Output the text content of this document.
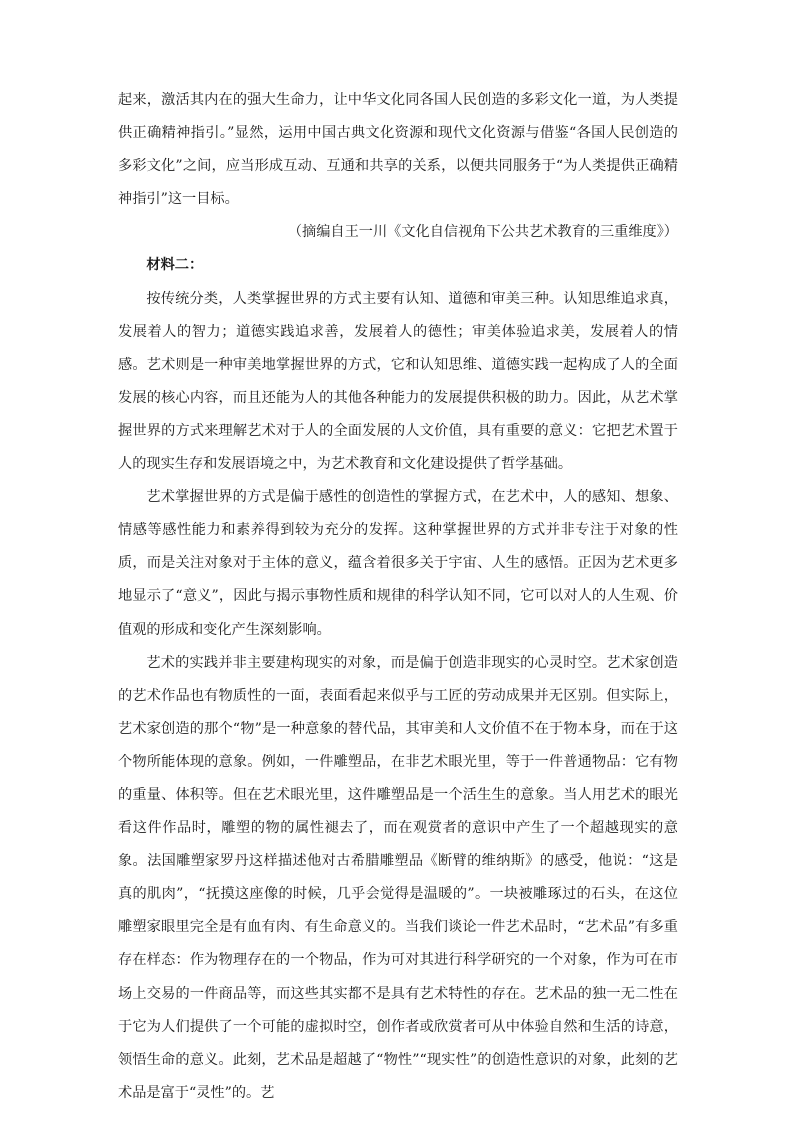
起来，激活其内在的强大生命力，让中华文化同各国人民创造的多彩文化一道，为人类提供正确精神指引。”显然，运用中国古典文化资源和现代文化资源与借鉴“各国人民创造的多彩文化”之间，应当形成互动、互通和共享的关系，以便共同服务于“为人类提供正确精神指引”这一目标。

（摘编自王一川《文化自信视角下公共艺术教育的三重维度》）

材料二：

按传统分类，人类掌握世界的方式主要有认知、道德和审美三种。认知思维追求真，发展着人的智力；道德实践追求善，发展着人的德性；审美体验追求美，发展着人的情感。艺术则是一种审美地掌握世界的方式，它和认知思维、道德实践一起构成了人的全面发展的核心内容，而且还能为人的其他各种能力的发展提供积极的助力。因此，从艺术掌握世界的方式来理解艺术对于人的全面发展的人文价值，具有重要的意义：它把艺术置于人的现实生存和发展语境之中，为艺术教育和文化建设提供了哲学基础。

艺术掌握世界的方式是偏于感性的创造性的掌握方式，在艺术中，人的感知、想象、情感等感性能力和素养得到较为充分的发挥。这种掌握世界的方式并非专注于对象的性质，而是关注对象对于主体的意义，蕴含着很多关于宇宙、人生的感悟。正因为艺术更多地显示了“意义”，因此与揭示事物性质和规律的科学认知不同，它可以对人的人生观、价值观的形成和变化产生深刻影响。

艺术的实践并非主要建构现实的对象，而是偏于创造非现实的心灵时空。艺术家创造的艺术作品也有物质性的一面，表面看起来似乎与工匠的劳动成果并无区别。但实际上，艺术家创造的那个“物”是一种意象的替代品，其审美和人文价值不在于物本身，而在于这个物所能体现的意象。例如，一件雕塑品，在非艺术眼光里，等于一件普通物品：它有物的重量、体积等。但在艺术眼光里，这件雕塑品是一个活生生的意象。当人用艺术的眼光看这件作品时，雕塑的物的属性褪去了，而在观赏者的意识中产生了一个超越现实的意象。法国雕塑家罗丹这样描述他对古希腊雕塑品《断臂的维纳斯》的感受，他说：“这是真的肌肉”，“抚摸这座像的时候，几乎会觉得是温暖的”。一块被雕琢过的石头，在这位雕塑家眼里完全是有血有肉、有生命意义的。当我们谈论一件艺术品时，“艺术品”有多重存在样态：作为物理存在的一个物品，作为可对其进行科学研究的一个对象，作为可在市场上交易的一件商品等，而这些其实都不是具有艺术特性的存在。艺术品的独一无二性在于它为人们提供了一个可能的虚拟时空，创作者或欣赏者可从中体验自然和生活的诗意，领悟生命的意义。此刻，艺术品是超越了“物性”“现实性”的创造性意识的对象，此刻的艺术品是富于“灵性”的。艺
